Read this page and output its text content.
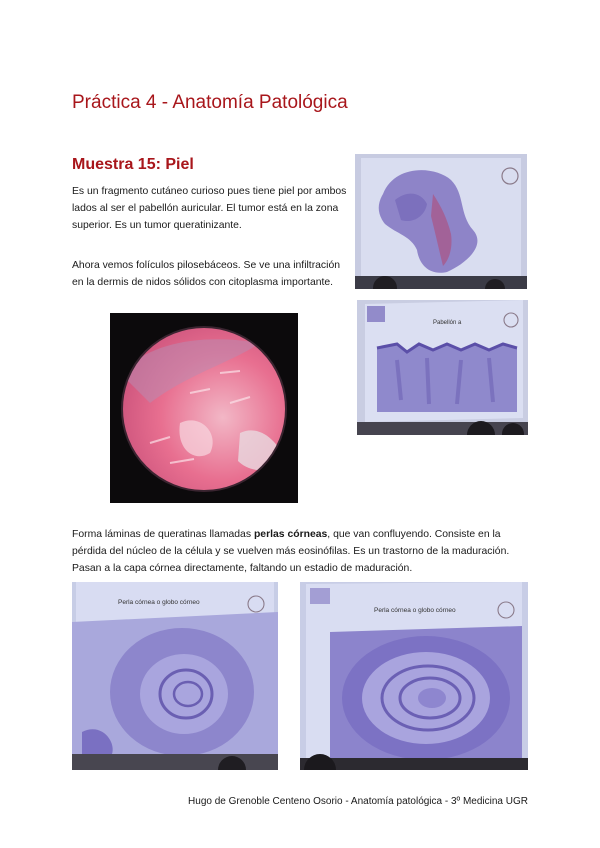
Práctica 4 - Anatomía Patológica
Muestra 15: Piel

Es un fragmento cutáneo curioso pues tiene piel por ambos lados al ser el pabellón auricular. El tumor está en la zona superior. Es un tumor queratinizante.

Ahora vemos folículos pilosebáceos. Se ve una infiltración en la dermis de nidos sólidos con citoplasma importante.

Pabellón a

Forma láminas de queratinas llamadas perlas córneas, que van confluyendo. Consiste en la pérdida del núcleo de la célula y se vuelven más eosinófilas. Es un trastorno de la maduración. Pasan a la capa córnea directamente, faltando un estadio de maduración.

Perla córnea o globo córneo
Perla córnea o globo córneo

Hugo de Grenoble Centeno Osorio - Anatomía patológica - 3º Medicina UGR
